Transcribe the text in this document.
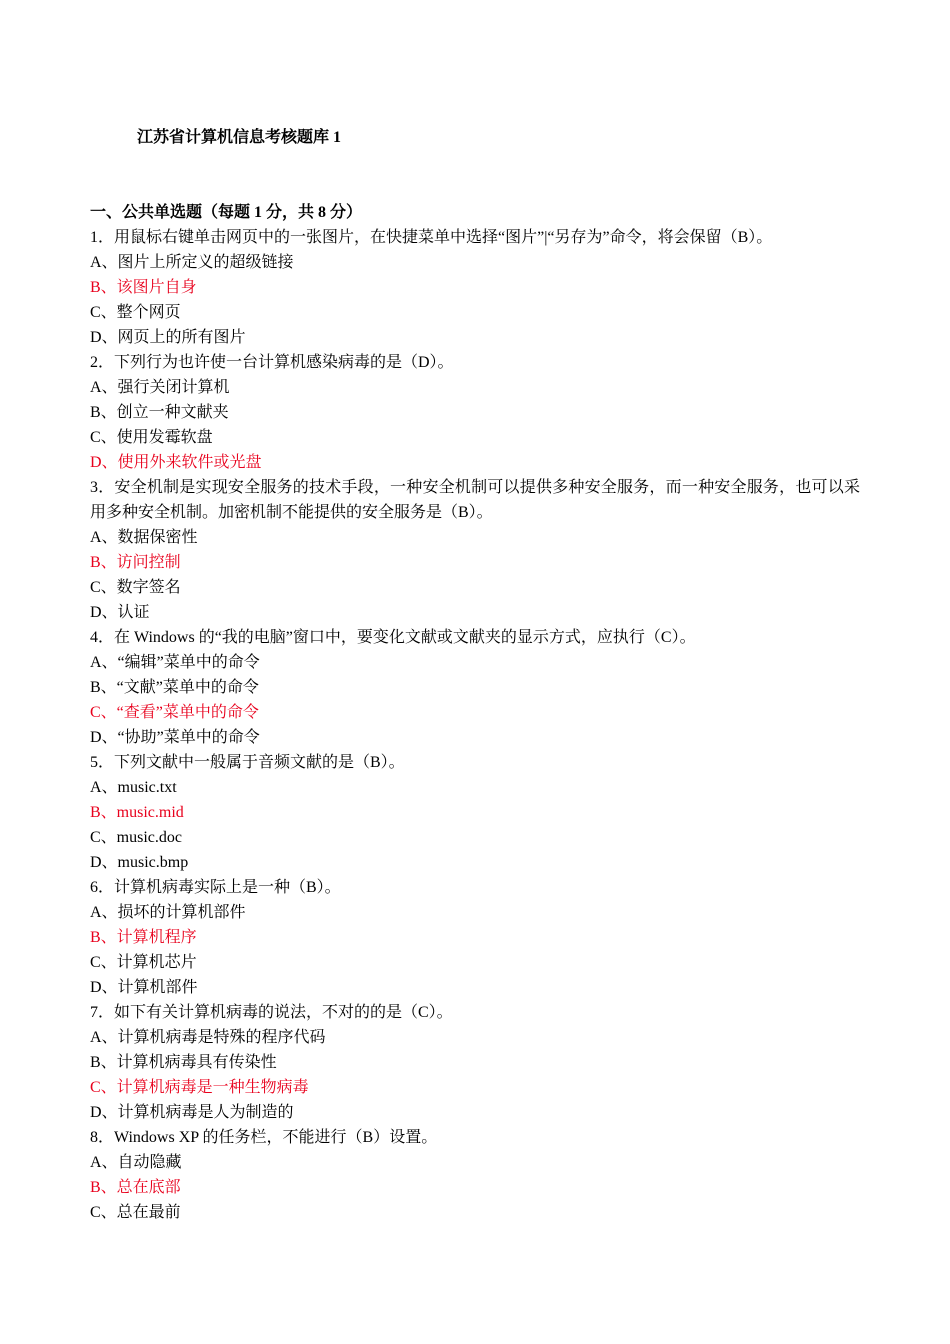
江苏省计算机信息考核题库 1
一、公共单选题（每题 1 分，共 8 分）
1．用鼠标右键单击网页中的一张图片，在快捷菜单中选择“图片”|“另存为”命令，将会保留（B）。
A、图片上所定义的超级链接
B、该图片自身
C、整个网页
D、网页上的所有图片
2．下列行为也许使一台计算机感染病毒的是（D）。
A、强行关闭计算机
B、创立一种文献夹
C、使用发霉软盘
D、使用外来软件或光盘
3．安全机制是实现安全服务的技术手段，一种安全机制可以提供多种安全服务，而一种安全服务，也可以采用多种安全机制。加密机制不能提供的安全服务是（B）。
A、数据保密性
B、访问控制
C、数字签名
D、认证
4．在 Windows 的“我的电脑”窗口中，要变化文献或文献夹的显示方式，应执行（C）。
A、“编辑”菜单中的命令
B、“文献”菜单中的命令
C、“查看”菜单中的命令
D、“协助”菜单中的命令
5．下列文献中一般属于音频文献的是（B）。
A、music.txt
B、music.mid
C、music.doc
D、music.bmp
6．计算机病毒实际上是一种（B）。
A、损坏的计算机部件
B、计算机程序
C、计算机芯片
D、计算机部件
7．如下有关计算机病毒的说法，不对的的是（C）。
A、计算机病毒是特殊的程序代码
B、计算机病毒具有传染性
C、计算机病毒是一种生物病毒
D、计算机病毒是人为制造的
8．Windows XP 的任务栏，不能进行（B）设置。
A、自动隐藏
B、总在底部
C、总在最前
